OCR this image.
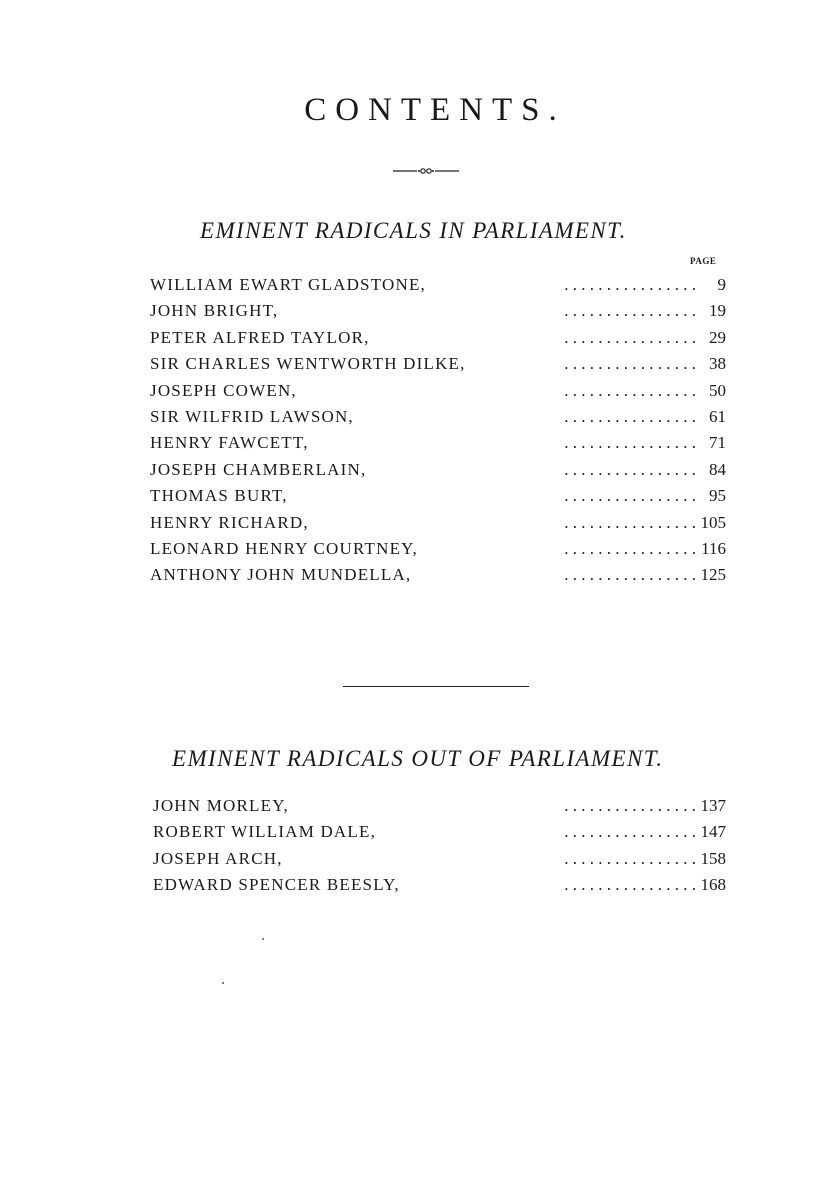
CONTENTS.
EMINENT RADICALS IN PARLIAMENT.
PAGE
. . . . . . . . . . . . . . . .
WILLIAM EWART GLADSTONE,	9
. . . . . . . . . . . . . . . .
JOHN BRIGHT,	19
. . . . . . . . . . . . . . . .
PETER ALFRED TAYLOR,	29
. . . . . . . . . . . . . . . .
SIR CHARLES WENTWORTH DILKE,	38
. . . . . . . . . . . . . . . .
JOSEPH COWEN,	50
. . . . . . . . . . . . . . . .
SIR WILFRID LAWSON,	61
. . . . . . . . . . . . . . . .
HENRY FAWCETT,	71
. . . . . . . . . . . . . . . .
JOSEPH CHAMBERLAIN,	84
. . . . . . . . . . . . . . . .
THOMAS BURT,	95
. . . . . . . . . . . . . . . .
HENRY RICHARD,	105
. . . . . . . . . . . . . . . .
LEONARD HENRY COURTNEY,	116
. . . . . . . . . . . . . . . .
ANTHONY JOHN MUNDELLA,	125
EMINENT RADICALS OUT OF PARLIAMENT.
. . . . . . . . . . . . . . . .
JOHN MORLEY,	137
. . . . . . . . . . . . . . . .
ROBERT WILLIAM DALE,	147
. . . . . . . . . . . . . . . .
JOSEPH ARCH,	158
. . . . . . . . . . . . . . . .
EDWARD SPENCER BEESLY,	168
